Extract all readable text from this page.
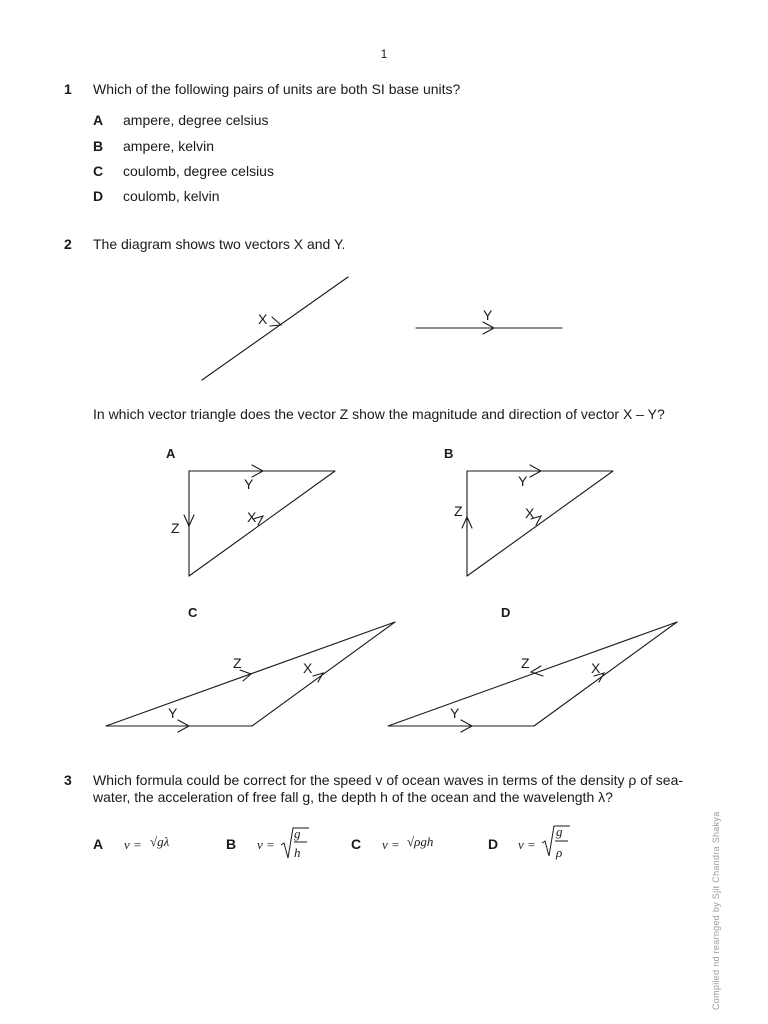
1
1 Which of the following pairs of units are both SI base units?
A ampere, degree celsius
B ampere, kelvin
C coulomb, degree celsius
D coulomb, kelvin
2 The diagram shows two vectors X and Y.
X	Y
Y
X
Z
Y
Z	X
Z	X
Y
Z	X
Y
In which vector triangle does the vector Z show the magnitude and direction of vector X – Y?
A	B
C	D
3 Which formula could be correct for the speed v of ocean waves in terms of the density ρ of sea-
water, the acceleration of free fall g, the depth h of the ocean and the wavelength λ?
A v = √gλ	B v =
g
h
C v = √ρgh	D v =
g
ρ	Compiled nd rearnged by Sjit Chandra Shakya
